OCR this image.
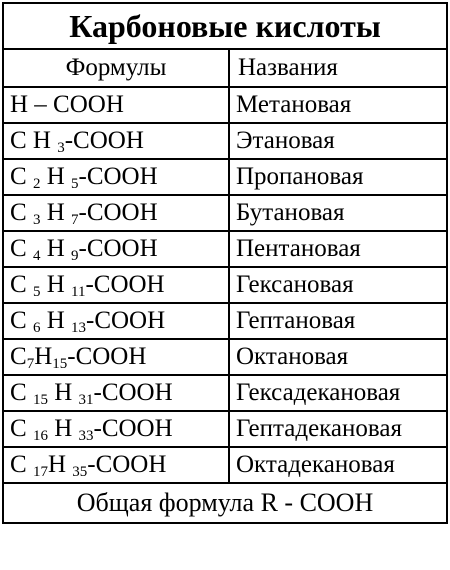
Карбоновые кислоты	
Формулы	Названия
H – COOH	Метановая
C H $_3$-COOH	Этановая
C $_2$ H $_5$-COOH	Пропановая
C $_3$ H $_7$-COOH	Бутановая
C $_4$ H $_9$-COOH	Пентановая
C $_5$ H $_{11}$-COOH	Гексановая
C $_6$ H $_{13}$-COOH	Гептановая
$C_7H_{15}$-COOH	Октановая
C $_{15}$ H $_{31}$-COOH	Гексадекановая
C $_{16}$ H $_{33}$-COOH	Гептадекановая
C $_{17}$H $_{35}$-COOH	Октадекановая
Общая формула R - COOH	
